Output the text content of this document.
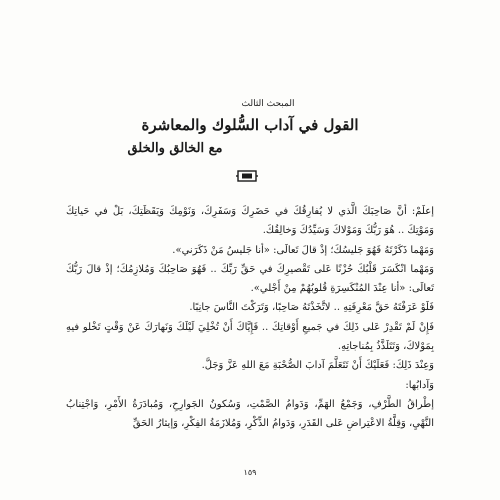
المبحث الثالث
القول في آداب السُّلوك والمعاشرة
مع الخالق والخلق

إعلَمْ: أنَّ صَاحِبَكَ الَّذي لا يُفارِقُكَ في حَضَرِكَ وَسَفَرِكَ، وَنَوْمِكَ وَيَقَظَتِكَ، بَلْ في حَياتِكَ وَمَوْتِكَ .. هُوَ رَبُّكَ وَمَوْلاكَ وَسَيِّدُكَ وَخالِقُكَ.

وَمَهْما ذَكَرْتَهُ فَهُوَ جَليسُكَ؛ إذْ قالَ تَعالَى: «أنا جَليسُ مَنْ ذَكَرَني».

وَمَهْما انْكَسَرَ قَلْبُكَ حُزْنًا عَلى تَقْصيرِكَ في حَقِّ رَبِّكَ .. فَهُوَ صَاحِبُكَ وَمُلازِمُكَ؛ إذْ قالَ رَبُّكَ تَعالَى: «أنا عِنْدَ المُنْكَسِرَةِ قُلوبُهُمْ مِنْ أَجْلي».

فَلَوْ عَرَفْتَهُ حَقَّ مَعْرِفَتِهِ .. لاتَّخَذْتَهُ صَاحِبًا، وَتَرَكْتَ النَّاسَ جانِبًا.

فَإِنْ لَمْ تَقْدِرْ عَلى ذَلِكَ في جَميعِ أَوْقاتِكَ .. فَإِيَّاكَ أَنْ تُخْلِيَ لَيْلَكَ وَنَهارَكَ عَنْ وَقْتٍ تَخْلو فيهِ بِمَوْلاكَ، وَتَتَلَذَّذُ بِمُناجاتِهِ.

وَعِنْدَ ذَلِكَ: فَعَلَيْكَ أَنْ تَتَعَلَّمَ آدابَ الصُّحْبَةِ مَعَ اللهِ عَزَّ وَجَلَّ.

وَآدابُها:

إطْراقُ الطَّرْفِ، وَجَمْعُ الهَمِّ، وَدَوامُ الصَّمْتِ، وَسُكونُ الجَوارِحِ، وَمُبادَرَةُ الأَمْرِ، وَاجْتِنابُ النَّهْيِ، وَقِلَّةُ الاعْتِراضِ عَلى القَدَرِ، وَدَوامُ الذِّكْرِ، وَمُلازَمَةُ الفِكْرِ، وَإيثارُ الحَقِّ

١٥٩
